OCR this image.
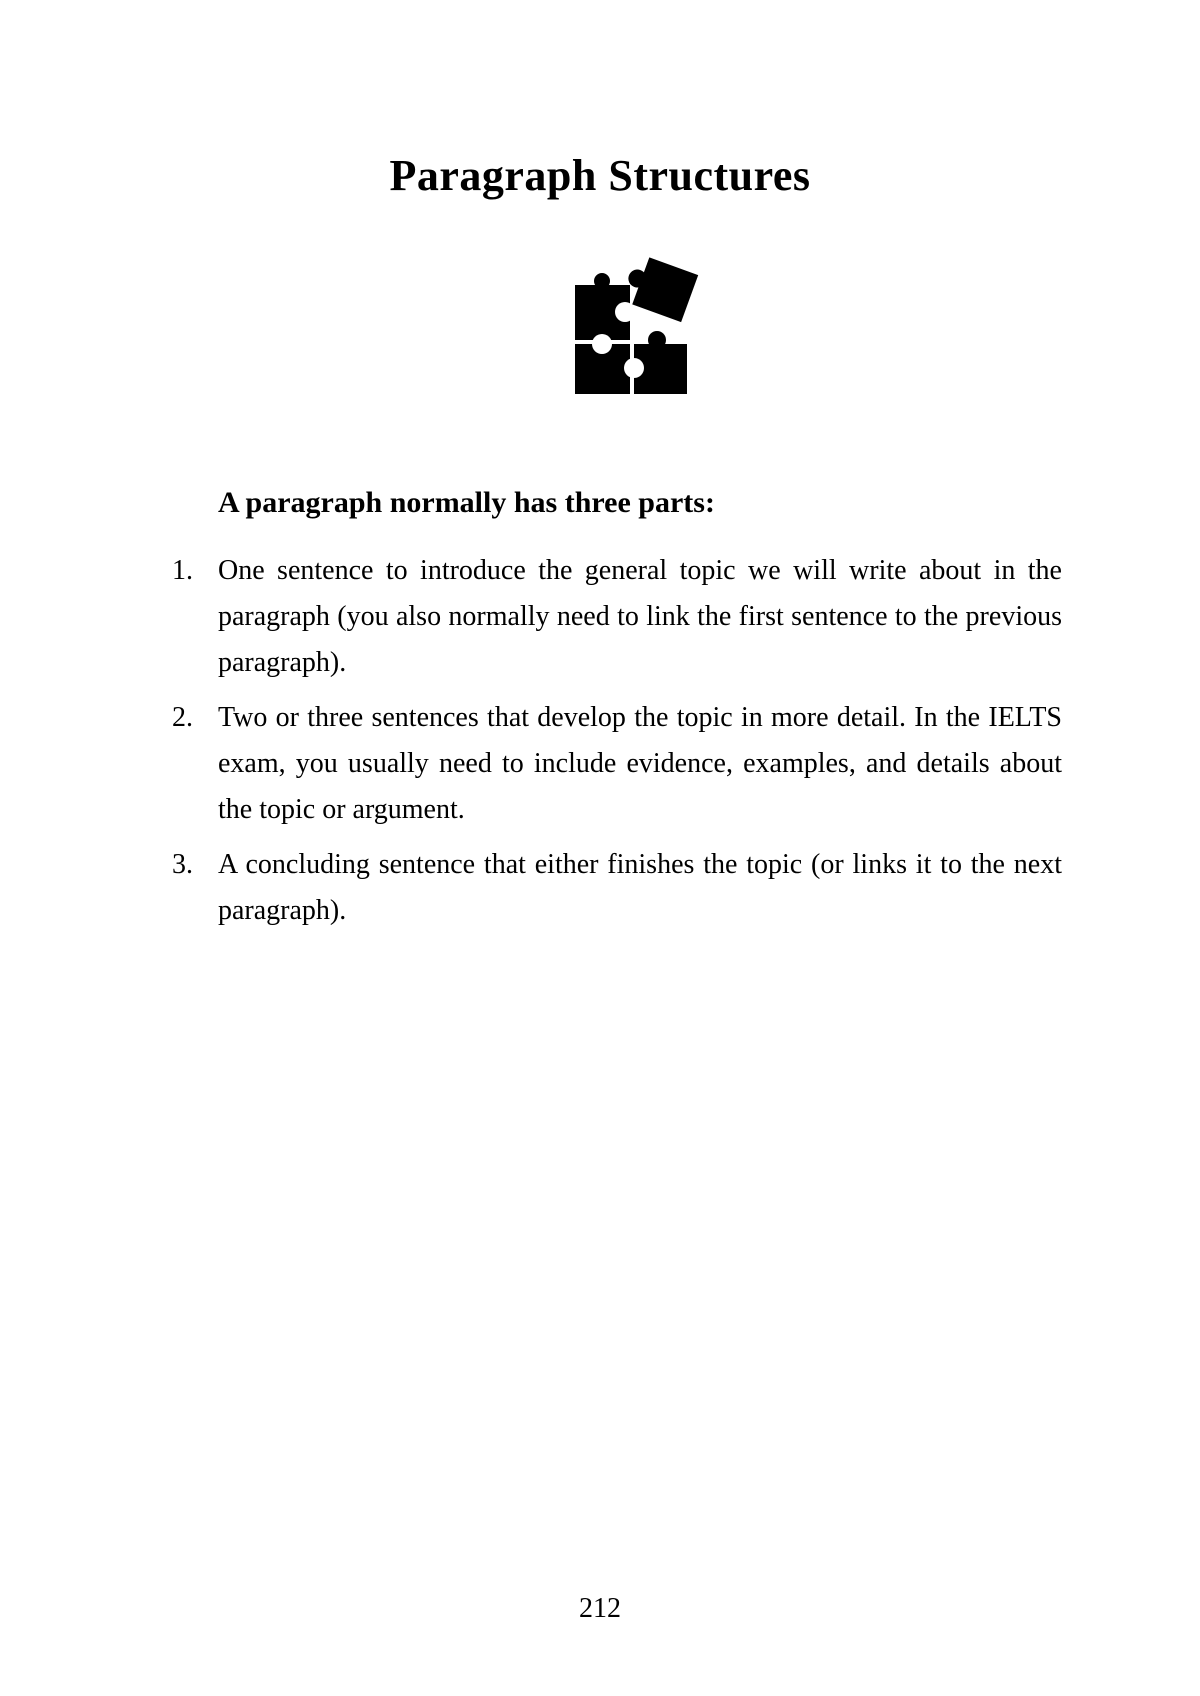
Paragraph Structures

A paragraph normally has three parts:

1. One sentence to introduce the general topic we will write about in the paragraph (you also normally need to link the first sentence to the previous paragraph).
2. Two or three sentences that develop the topic in more detail. In the IELTS exam, you usually need to include evidence, examples, and details about the topic or argument.
3. A concluding sentence that either finishes the topic (or links it to the next paragraph).
212
